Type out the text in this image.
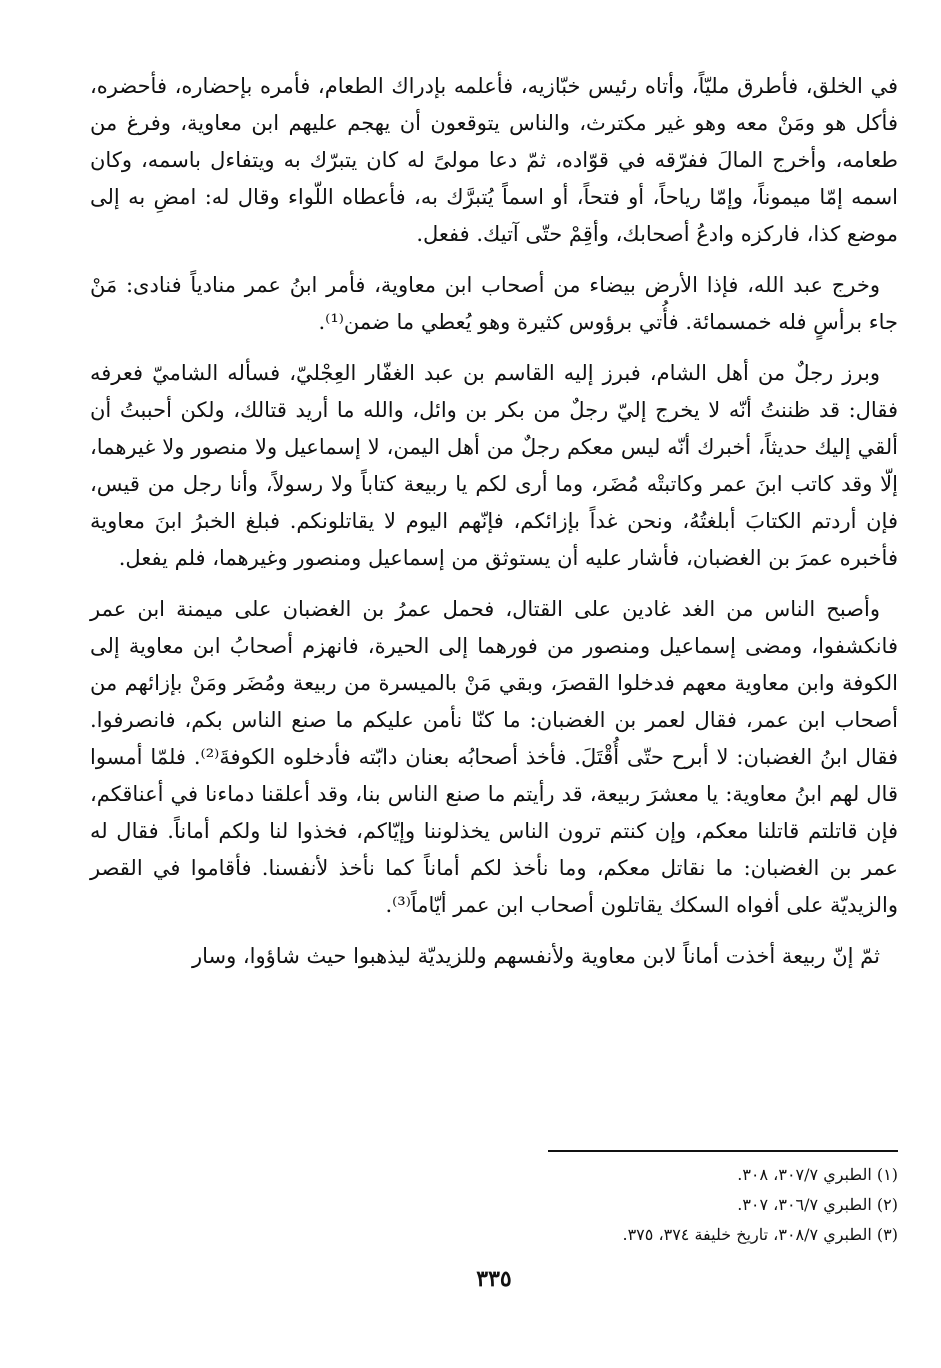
في الخلق، فأطرق مليّاً، وأتاه رئيس خبّازيه، فأعلمه بإدراك الطعام، فأمره بإحضاره، فأحضره، فأكل هو ومَنْ معه وهو غير مكترث، والناس يتوقعون أن يهجم عليهم ابن معاوية، وفرغ من طعامه، وأخرج المالَ ففرّقه في قوّاده، ثمّ دعا مولىً له كان يتبرّك به ويتفاءل باسمه، وكان اسمه إمّا ميموناً، وإمّا رياحاً، أو فتحاً، أو اسماً يُتبرَّك به، فأعطاه اللّواء وقال له: امضِ به إلى موضع كذا، فاركزه وادعُ أصحابك، وأقِمْ حتّى آتيك. ففعل.

وخرج عبد الله، فإذا الأرض بيضاء من أصحاب ابن معاوية، فأمر ابنُ عمر منادياً فنادى: مَنْ جاء برأسٍ فله خمسمائة. فأُتي برؤوس كثيرة وهو يُعطي ما ضمن⁽¹⁾.

وبرز رجلٌ من أهل الشام، فبرز إليه القاسم بن عبد الغفّار العِجْليّ، فسأله الشاميّ فعرفه فقال: قد ظننتُ أنّه لا يخرج إليّ رجلٌ من بكر بن وائل، والله ما أريد قتالك، ولكن أحببتُ أن ألقي إليك حديثاً، أخبرك أنّه ليس معكم رجلٌ من أهل اليمن، لا إسماعيل ولا منصور ولا غيرهما، إلّا وقد كاتب ابنَ عمر وكاتبتْه مُضَر، وما أرى لكم يا ربيعة كتاباً ولا رسولاً، وأنا رجل من قيس، فإن أردتم الكتابَ أبلغتُهُ، ونحن غداً بإزائكم، فإنّهم اليوم لا يقاتلونكم. فبلغ الخبرُ ابنَ معاوية فأخبره عمرَ بن الغضبان، فأشار عليه أن يستوثق من إسماعيل ومنصور وغيرهما، فلم يفعل.

وأصبح الناس من الغد غادين على القتال، فحمل عمرُ بن الغضبان على ميمنة ابن عمر فانكشفوا، ومضى إسماعيل ومنصور من فورهما إلى الحيرة، فانهزم أصحابُ ابن معاوية إلى الكوفة وابن معاوية معهم فدخلوا القصرَ، وبقي مَنْ بالميسرة من ربيعة ومُضَر ومَنْ بإزائهم من أصحاب ابن عمر، فقال لعمر بن الغضبان: ما كنّا نأمن عليكم ما صنع الناس بكم، فانصرفوا. فقال ابنُ الغضبان: لا أبرح حتّى أُقْتَلَ. فأخذ أصحابُه بعنان دابّته فأدخلوه الكوفةَ⁽²⁾. فلمّا أمسوا قال لهم ابنُ معاوية: يا معشرَ ربيعة، قد رأيتم ما صنع الناس بنا، وقد أعلقنا دماءنا في أعناقكم، فإن قاتلتم قاتلنا معكم، وإن كنتم ترون الناس يخذلوننا وإيّاكم، فخذوا لنا ولكم أماناً. فقال له عمر بن الغضبان: ما نقاتل معكم، وما نأخذ لكم أماناً كما نأخذ لأنفسنا. فأقاموا في القصر والزيديّة على أفواه السكك يقاتلون أصحاب ابن عمر أيّاماً⁽³⁾.

ثمّ إنّ ربيعة أخذت أماناً لابن معاوية ولأنفسهم وللزيديّة ليذهبوا حيث شاؤوا، وسار

(١) الطبري ٣٠٧/٧، ٣٠٨.
(٢) الطبري ٣٠٦/٧، ٣٠٧.
(٣) الطبري ٣٠٨/٧، تاريخ خليفة ٣٧٤، ٣٧٥.
٣٣٥
